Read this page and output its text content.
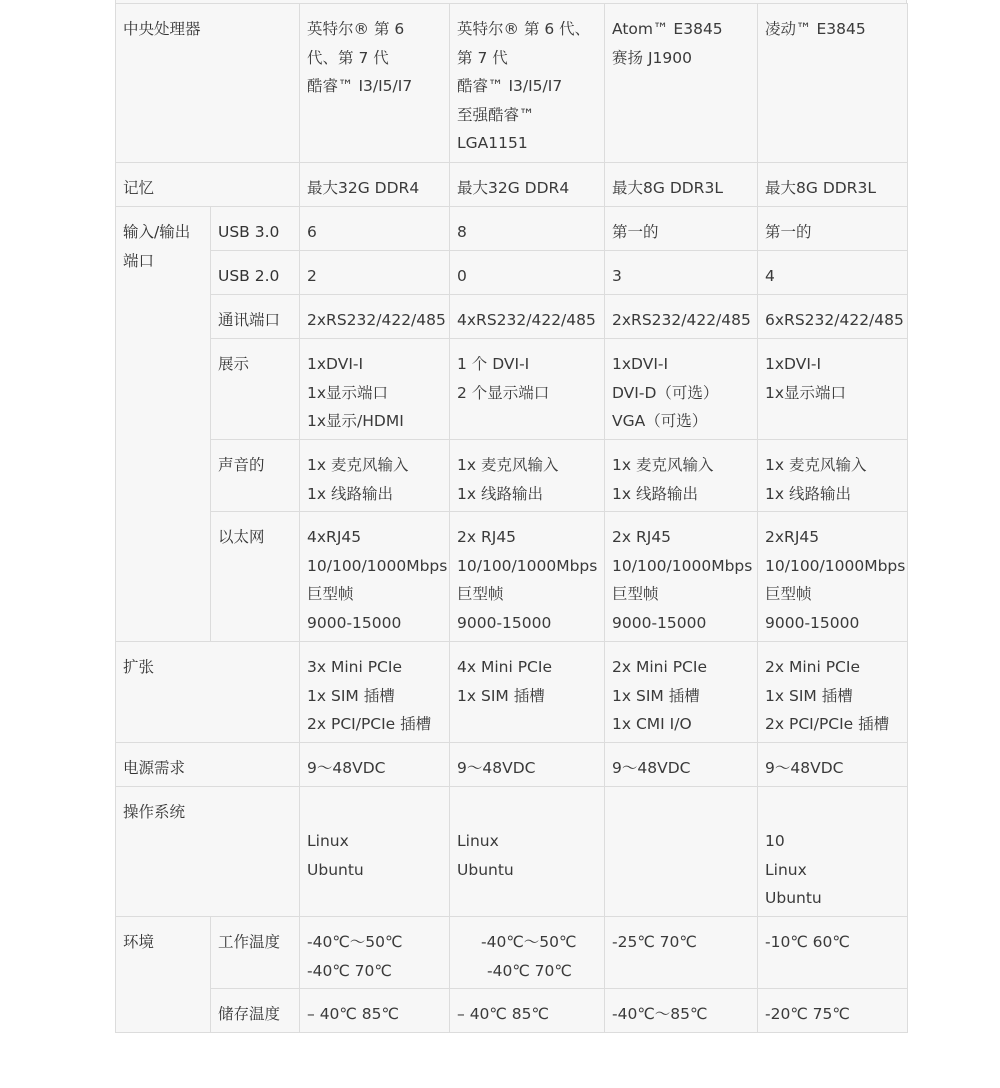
中央处理器		英特尔® 第 6
代、第 7 代
酷睿™ I3/I5/I7	英特尔® 第 6 代、
第 7 代
酷睿™ I3/I5/I7
至强酷睿™
LGA1151	Atom™ E3845
赛扬 J1900	凌动™ E3845

记忆		最大32G DDR4	最大32G DDR4	最大8G DDR3L	最大8G DDR3L
输入/输出端口	USB 3.0	6	8	第一的	第一的
	USB 2.0	2	0	3	4
	通讯端口	2xRS232/422/485	4xRS232/422/485	2xRS232/422/485	6xRS232/422/485
	展示	1xDVI-I
1x显示端口
1x显示/HDMI	1 个 DVI-I
2 个显示端口	1xDVI-I
DVI-D（可选）
VGA（可选）	1xDVI-I
1x显示端口

	声音的	1x 麦克风输入
1x 线路输出	1x 麦克风输入
1x 线路输出	1x 麦克风输入
1x 线路输出	1x 麦克风输入
1x 线路输出

	以太网	4xRJ45
10/100/1000Mbps
巨型帧
9000-15000	2x RJ45
10/100/1000Mbps
巨型帧
9000-15000	2x RJ45
10/100/1000Mbps
巨型帧
9000-15000	2xRJ45
10/100/1000Mbps
巨型帧
9000-15000

扩张		3x Mini PCIe
1x SIM 插槽
2x PCI/PCIe 插槽	4x Mini PCIe
1x SIM 插槽	2x Mini PCIe
1x SIM 插槽
1x CMI I/O	2x Mini PCIe
1x SIM 插槽
2x PCI/PCIe 插槽

电源需求		9～48VDC	9～48VDC	9～48VDC	9～48VDC
操作系统		Linux
Ubuntu	Linux
Ubuntu		10
Linux
Ubuntu

环境	工作温度	-40℃～50℃
-40℃ 70℃	-40℃～50℃
-40℃ 70℃	-25℃ 70℃	-10℃ 60℃

	储存温度	– 40℃ 85℃	– 40℃ 85℃	-40℃～85℃	-20℃ 75℃
